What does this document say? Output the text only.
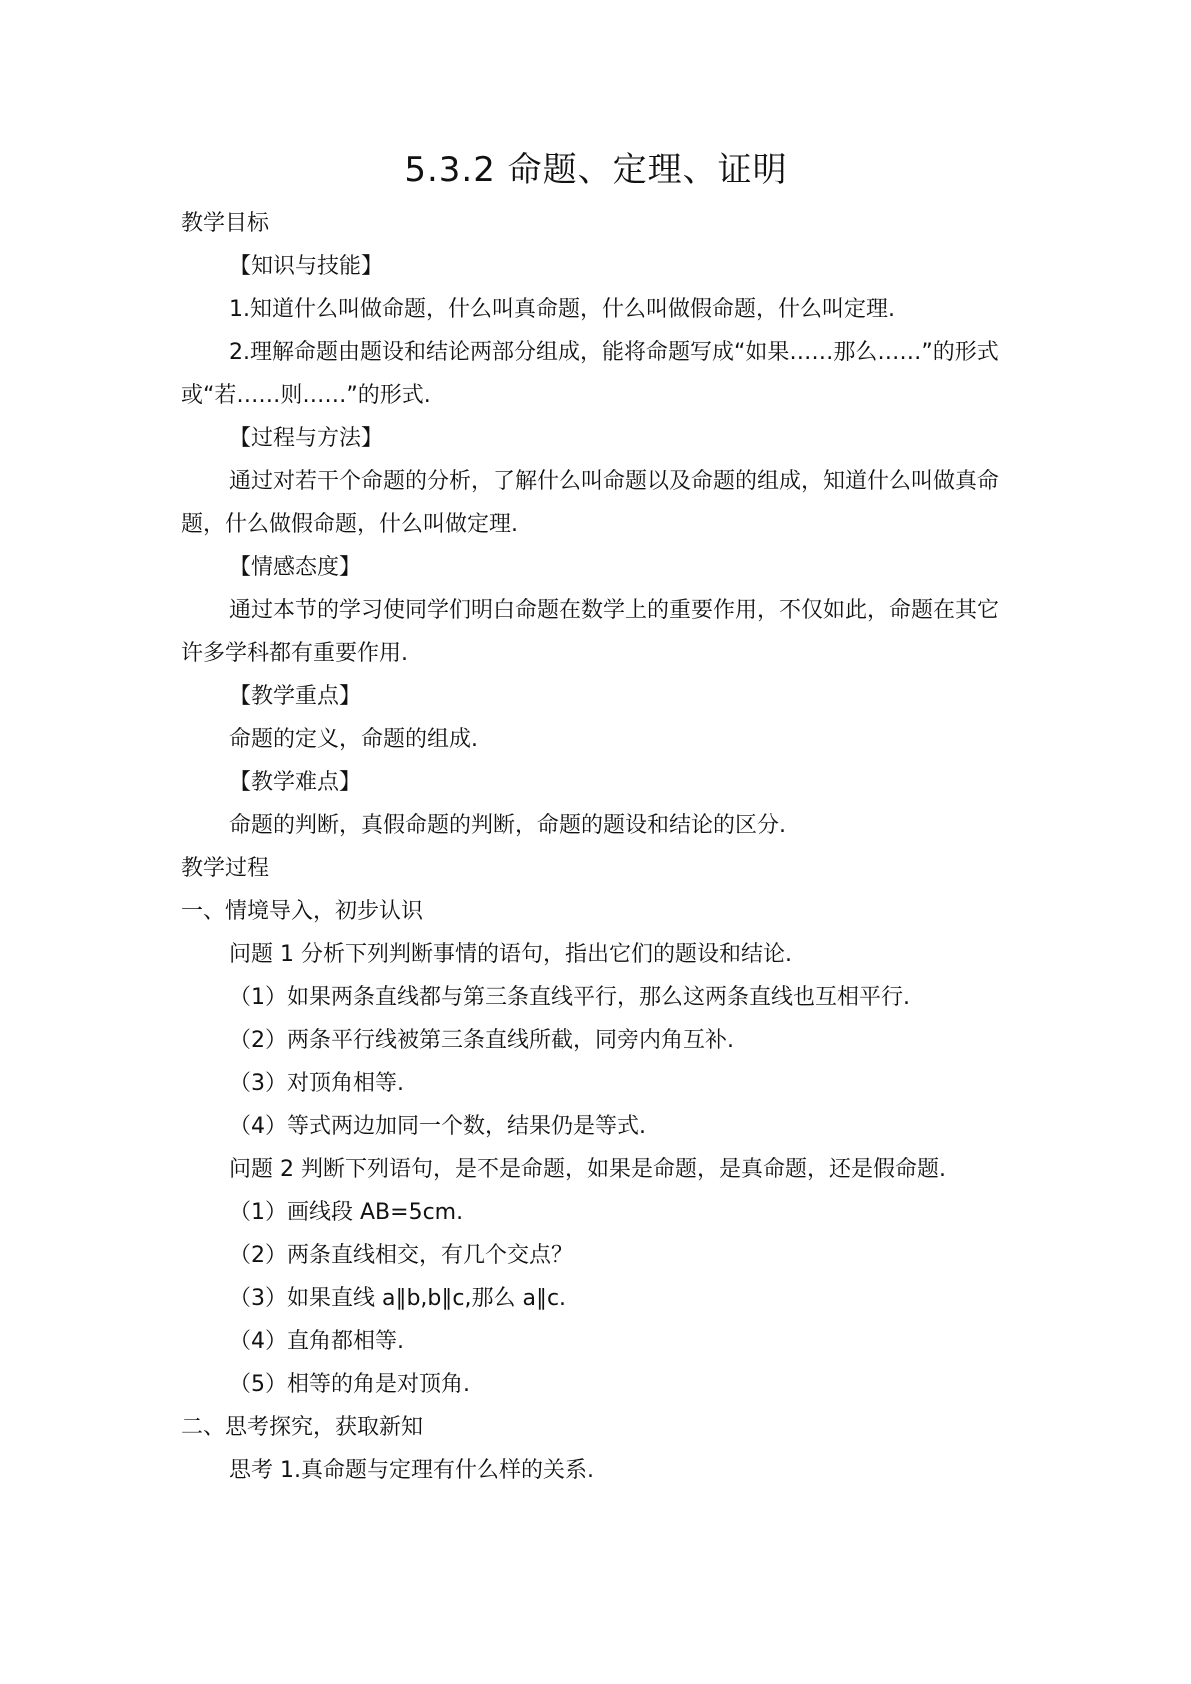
5.3.2 命题、定理、证明
教学目标
【知识与技能】
1.知道什么叫做命题，什么叫真命题，什么叫做假命题，什么叫定理.
2.理解命题由题设和结论两部分组成，能将命题写成“如果……那么……”的形式或“若……则……”的形式.
【过程与方法】
通过对若干个命题的分析，了解什么叫命题以及命题的组成，知道什么叫做真命题，什么做假命题，什么叫做定理.
【情感态度】
通过本节的学习使同学们明白命题在数学上的重要作用，不仅如此，命题在其它许多学科都有重要作用.
【教学重点】
命题的定义，命题的组成.
【教学难点】
命题的判断，真假命题的判断，命题的题设和结论的区分.
教学过程
一、情境导入，初步认识
问题 1 分析下列判断事情的语句，指出它们的题设和结论.
（1）如果两条直线都与第三条直线平行，那么这两条直线也互相平行.
（2）两条平行线被第三条直线所截，同旁内角互补.
（3）对顶角相等.
（4）等式两边加同一个数，结果仍是等式.
问题 2 判断下列语句，是不是命题，如果是命题，是真命题，还是假命题.
（1）画线段 AB=5cm.
（2）两条直线相交，有几个交点？
（3）如果直线 a∥b,b∥c,那么 a∥c.
（4）直角都相等.
（5）相等的角是对顶角.
二、思考探究，获取新知
思考 1.真命题与定理有什么样的关系.
